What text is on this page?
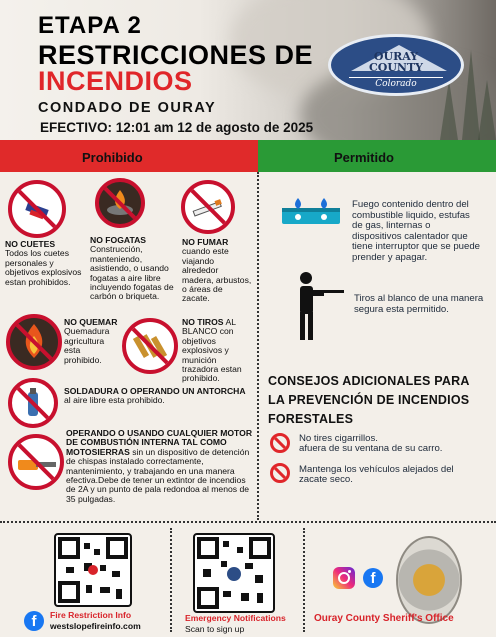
ETAPA 2
RESTRICCIONES DE
INCENDIOS
CONDADO DE OURAY
EFECTIVO: 12:01 am 12 de agosto de 2025
OURAY
COUNTY
Colorado
Prohibido	Permitido
NO CUETES
Todos los cuetes personales y objetivos explosivos estan prohibidos.
NO FOGATAS
Construcción, manteniendo, asistiendo, o usando fogatas a aire libre incluyendo fogatas de carbón o briqueta.
NO FUMAR
cuando este viajando alrededor madera, arbustos, o áreas de zacate.
NO QUEMAR
Quemadura agricultura esta prohibido.
NO TIROS AL BLANCO con objetivos explosivos y munición trazadora estan prohibido.
SOLDADURA O OPERANDO UN ANTORCHA al aire libre esta prohibido.
OPERANDO O USANDO CUALQUIER MOTOR DE COMBUSTIÓN INTERNA TAL COMO MOTOSIERRAS sin un dispositivo de detención de chispas instalado correctamente, mantenimiento, y trabajando en una manera efectiva.Debe de tener un extintor de incendios de 2A y un punto de pala redondoa al menos de 35 pulgadas.
Fuego contenido dentro del combustible liquido, estufas de gas, linternas o dispositivos calentador que tiene interruptor que se puede prender y apagar.
Tiros al blanco de una manera segura esta permitido.
CONSEJOS ADICIONALES PARA LA PREVENCIÓN DE INCENDIOS FORESTALES
No tires cigarrillos.
afuera de su ventana de su carro.
Mantenga los vehículos alejados del
zacate seco.
f	Fire Restriction Info
westslopefireinfo.com
Emergency Notifications
Scan to sign up
f
Ouray County Sheriff's Office
